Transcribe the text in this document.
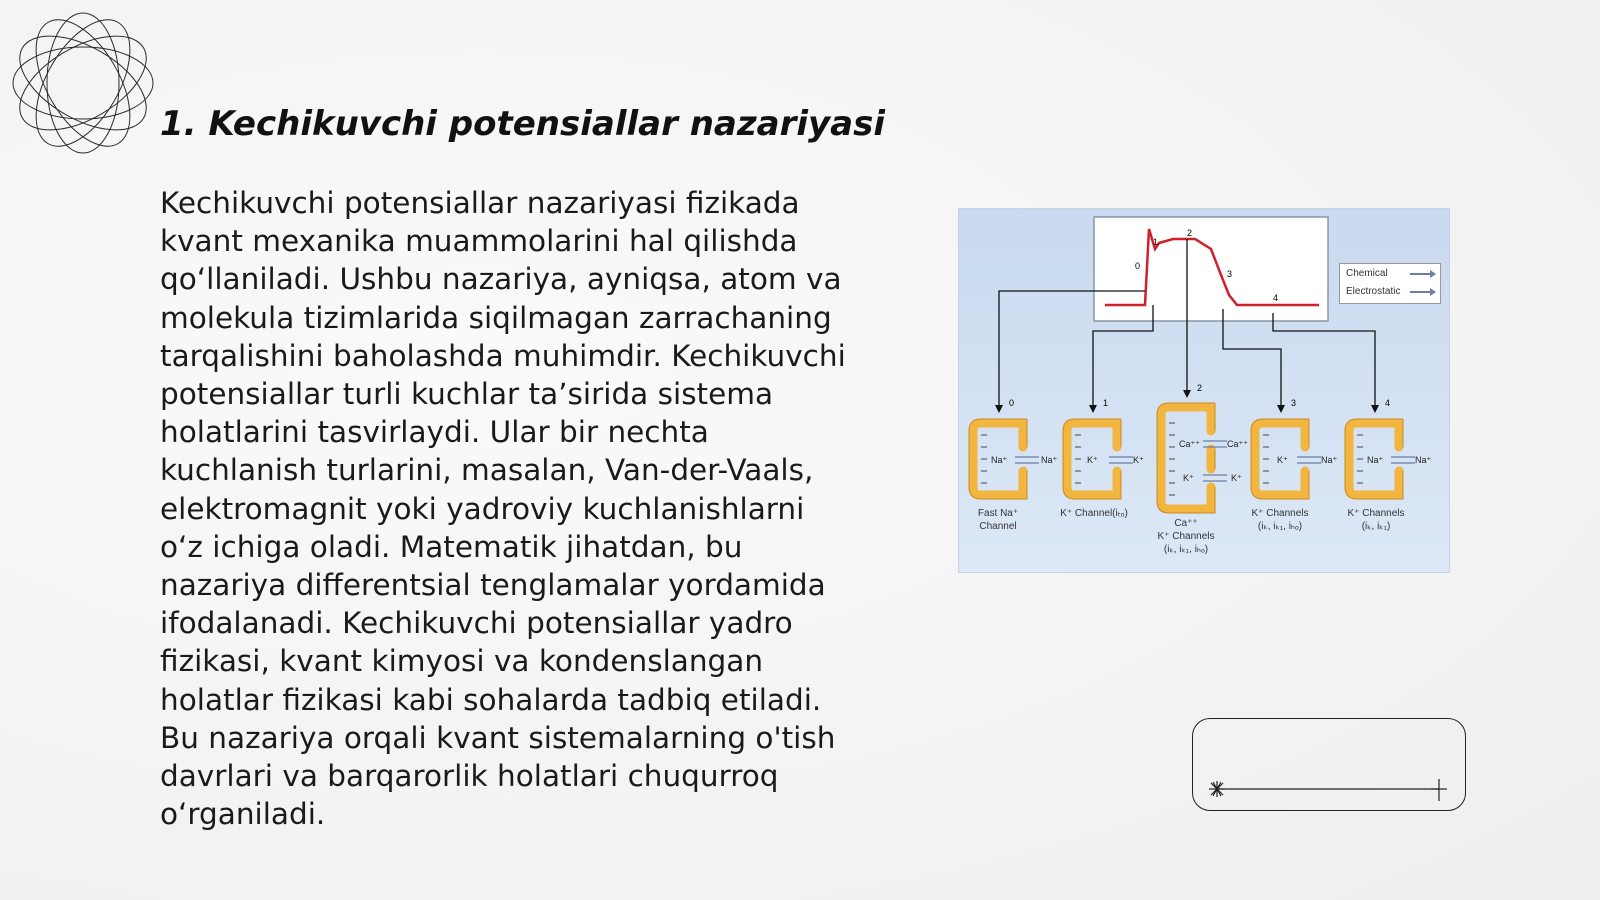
1. Kechikuvchi potensiallar nazariyasi

Kechikuvchi potensiallar nazariyasi fizikada kvant mexanika muammolarini hal qilishda qo‘llaniladi. Ushbu nazariya, ayniqsa, atom va molekula tizimlarida siqilmagan zarrachaning tarqalishini baholashda muhimdir. Kechikuvchi potensiallar turli kuchlar ta’sirida sistema holatlarini tasvirlaydi. Ular bir nechta kuchlanish turlarini, masalan, Van-der-Vaals, elektromagnit yoki yadroviy kuchlanishlarni o‘z ichiga oladi. Matematik jihatdan, bu nazariya differentsial tenglamalar yordamida ifodalanadi. Kechikuvchi potensiallar yadro fizikasi, kvant kimyosi va kondenslangan holatlar fizikasi kabi sohalarda tadbiq etiladi. Bu nazariya orqali kvant sistemalarning o'tish davrlari va barqarorlik holatlari chuqurroq o‘rganiladi.

0
1
2
3
4
0	1
2
3	4
Na⁺	Na⁺	K⁺	K⁺
Ca⁺⁺	Ca⁺⁺
K⁺	K⁺
K⁺	Na⁺	Na⁺	Na⁺
Chemical
Electrostatic
Fast Na⁺
Channel
K⁺ Channel(iₜₒ)
Ca⁺⁺
K⁺ Channels
(iₖ, iₖ₁, iₕₒ)
K⁺ Channels
(iₖ, iₖ₁, iₕₒ)
K⁺ Channels
(iₖ, iₖ₁)
